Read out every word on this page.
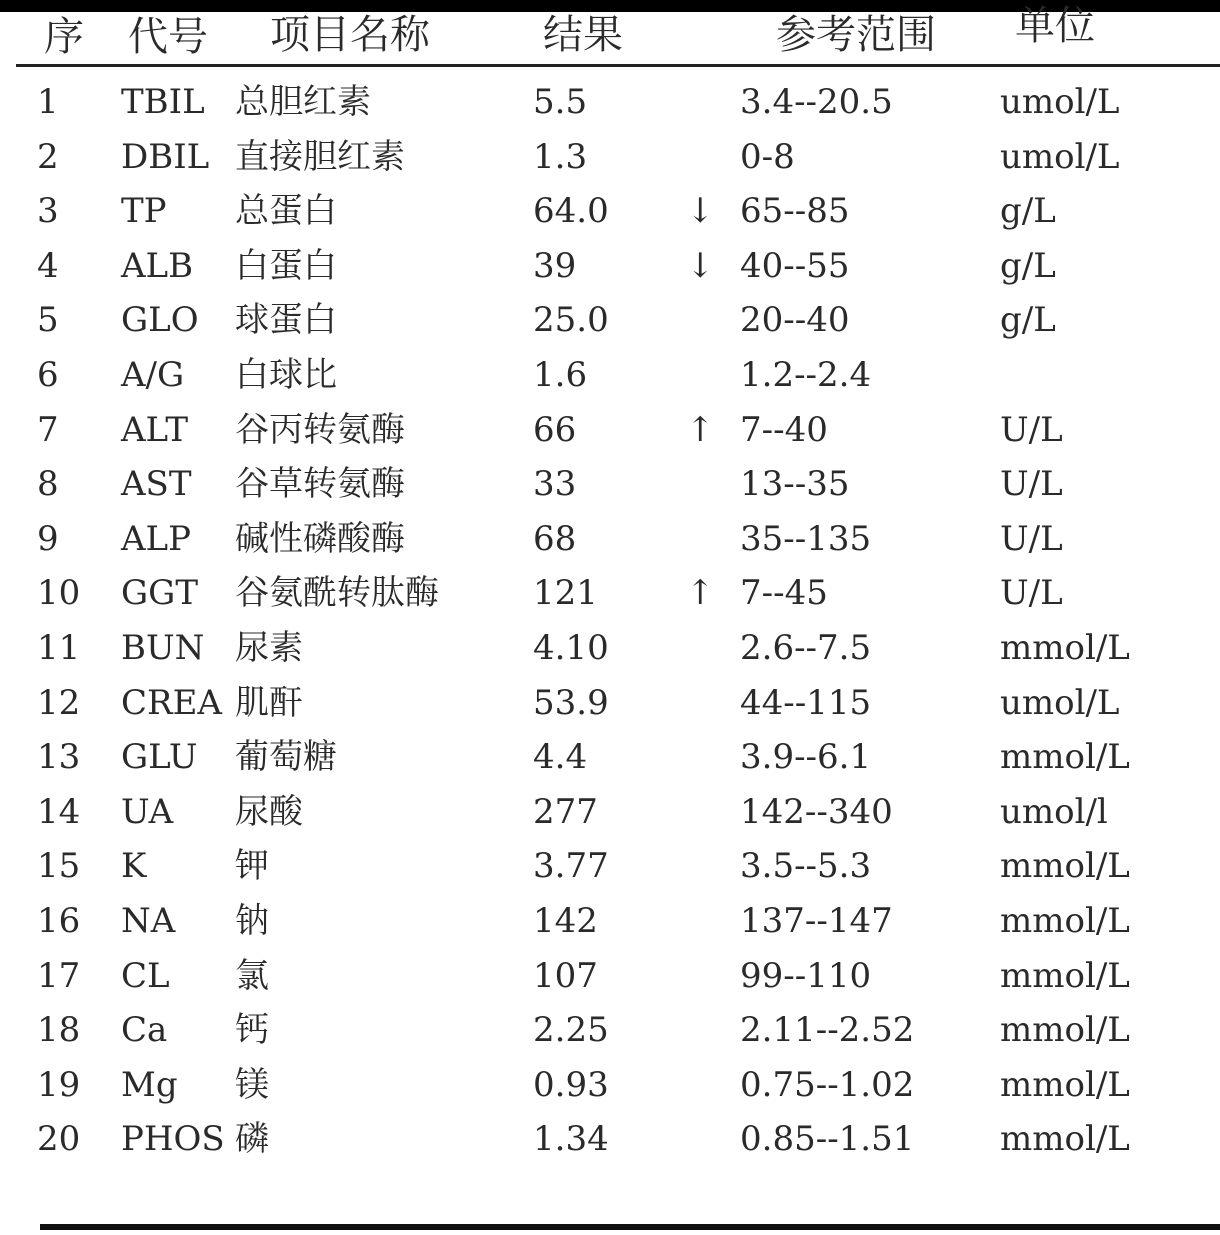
序 代号 项目名称	结果	参考范围 单位
1 TBIL 总胆红素	5.5	3.4--20.5	umol/L
2 DBIL 直接胆红素	1.3	0-8	umol/L
3 TP 总蛋白	64.0 ↓ 65--85	g/L
4 ALB 白蛋白	39	↓ 40--55	g/L
5 GLO 球蛋白	25.0	20--40	g/L
6 A/G 白球比	1.6	1.2--2.4
7 ALT 谷丙转氨酶	66	↑ 7--40	U/L
8 AST 谷草转氨酶	33	13--35	U/L
9 ALP 碱性磷酸酶	68	35--135	U/L
10 GGT 谷氨酰转肽酶	121	↑ 7--45	U/L
11 BUN 尿素	4.10	2.6--7.5	mmol/L
12 CREA 肌酐	53.9	44--115	umol/L
13 GLU 葡萄糖	4.4	3.9--6.1	mmol/L
14 UA 尿酸	277	142--340	umol/l
15 K	钾	3.77	3.5--5.3	mmol/L
16 NA 钠	142	137--147	mmol/L
17 CL 氯	107	99--110	mmol/L
18 Ca 钙	2.25	2.11--2.52	mmol/L
19 Mg 镁	0.93	0.75--1.02	mmol/L
20 PHOS 磷	1.34	0.85--1.51	mmol/L
